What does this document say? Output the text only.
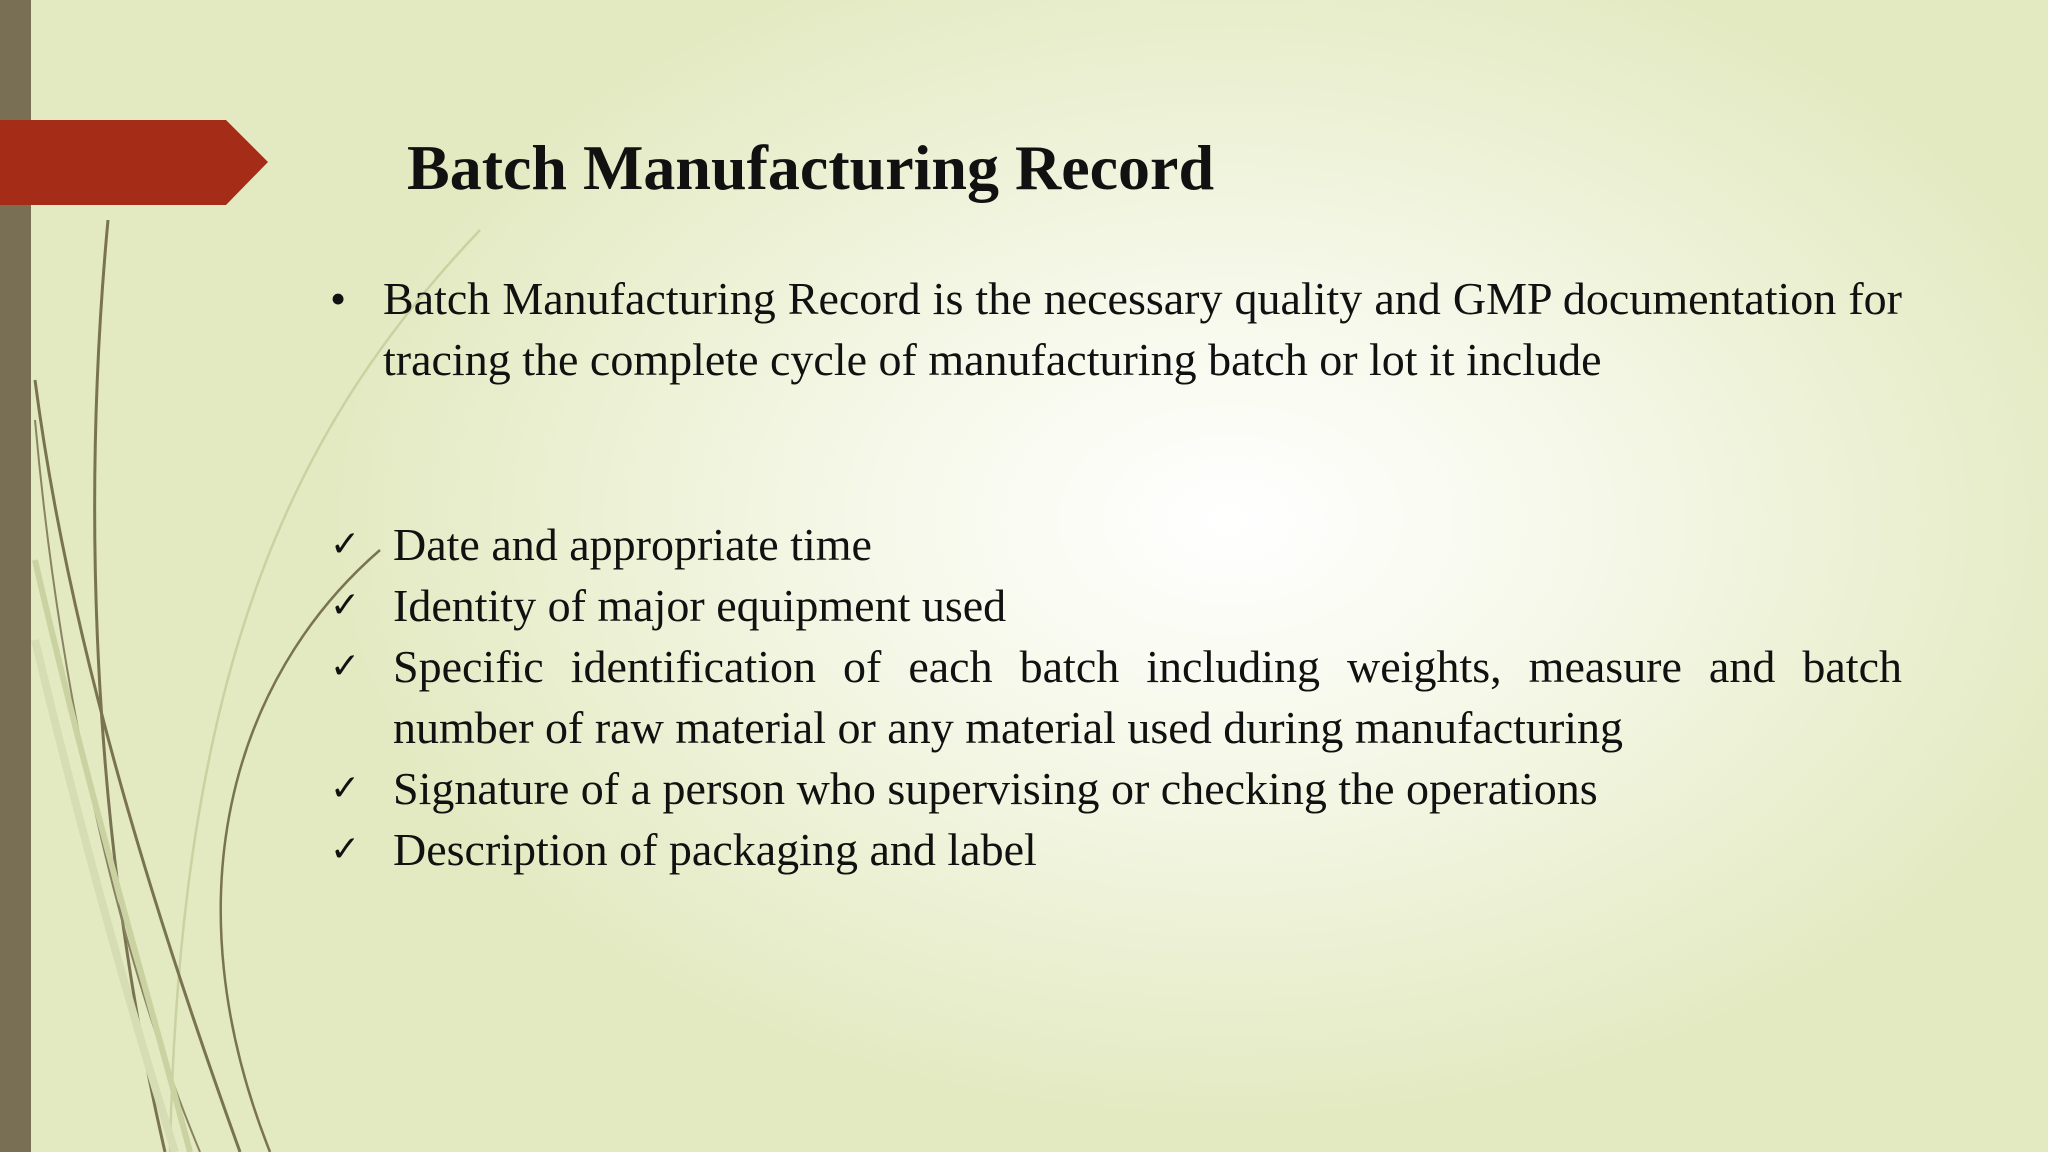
Batch Manufacturing Record
• Batch Manufacturing Record is the necessary quality and GMP documentation for tracing the complete cycle of manufacturing batch or lot it include
✓ Date and appropriate time
✓ Identity of major equipment used
✓ Specific identification of each batch including weights, measure and batch number of raw material or any material used during manufacturing
✓ Signature of a person who supervising or checking the operations
✓ Description of packaging and label
